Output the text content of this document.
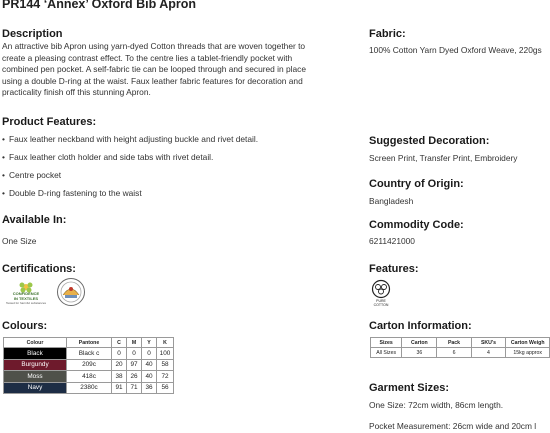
PR144 ‘Annex’ Oxford Bib Apron
Description
An attractive bib Apron using yarn-dyed Cotton threads that are woven together to
create a pleasing contrast effect. To the centre lies a tablet-friendly pocket with
combined pen pocket. A self-fabric tie can be looped through and secured in place
using a double D-ring at the waist. Faux leather fabric features for decoration and
practicality finish off this stunning Apron.
Product Features:
• Faux leather neckband with height adjusting buckle and rivet detail.
• Faux leather cloth holder and side tabs with rivet detail.
• Centre pocket
• Double D-ring fastening to the waist
Available In:
One Size
Certifications:
CONFIDENCE
IN TEXTILES
Tested for harmful substances
Colours:
Colour	Pantone	C	M	Y	K
Black	Black c	0	0	0	100
Burgundy	209c	20	97	40	58
Moss	418c	38	26	40	72
Navy	2380c	91	71	36	56
Fabric:
100% Cotton Yarn Dyed Oxford Weave, 220gs
Suggested Decoration:
Screen Print, Transfer Print, Embroidery
Country of Origin:
Bangladesh
Commodity Code:
6211421000
Features:
PURE
COTTON
Carton Information:
Sizes	Carton	Pack	SKU's	Carton Weigh
All Sizes	36	6	4	15kg approx
Garment Sizes:
One Size: 72cm width, 86cm length.
Pocket Measurement: 26cm wide and 20cm l
